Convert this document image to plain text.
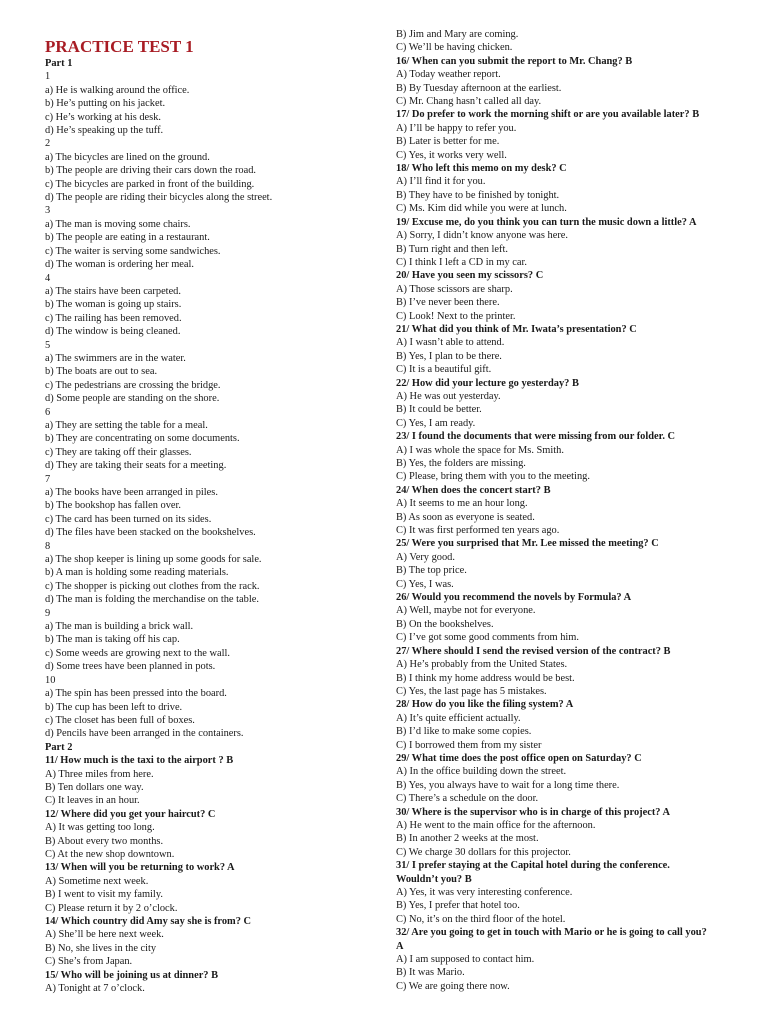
PRACTICE TEST 1
Part 1
1
a) He is walking around the office.
b) He’s putting on his jacket.
c) He’s working at his desk.
d) He’s speaking up the tuff.
2
a) The bicycles are lined on the ground.
b) The people are driving their cars down the road.
c) The bicycles are parked in front of the building.
d) The people are riding their bicycles along the street.
3
a) The man is moving some chairs.
b) The people are eating in a restaurant.
c) The waiter is serving some sandwiches.
d) The woman is ordering her meal.
4
a) The stairs have been carpeted.
b) The woman is going up stairs.
c) The railing has been removed.
d) The window is being cleaned.
5
a) The swimmers are in the water.
b) The boats are out to sea.
c) The pedestrians are crossing the bridge.
d) Some people are standing on the shore.
6
a) They are setting the table for a meal.
b) They are concentrating on some documents.
c) They are taking off their glasses.
d) They are taking their seats for a meeting.
7
a) The books have been arranged in piles.
b) The bookshop has fallen over.
c) The card has been turned on its sides.
d) The files have been stacked on the bookshelves.
8
a) The shop keeper is lining up some goods for sale.
b) A man is holding some reading materials.
c) The shopper is picking out clothes from the rack.
d) The man is folding the merchandise on the table.
9
a) The man is building a brick wall.
b) The man is taking off his cap.
c) Some weeds are growing next to the wall.
d) Some trees have been planned in pots.
10
a) The spin has been pressed into the board.
b) The cup has been left to drive.
c) The closet has been full of boxes.
d) Pencils have been arranged in the containers.
Part 2
11/ How much is the taxi to the airport ? B
A) Three miles from here.
B) Ten dollars one way.
C) It leaves in an hour.
12/ Where did you get your haircut? C
A) It was getting too long.
B) About every two months.
C) At the new shop downtown.
13/ When will you be returning to work? A
A) Sometime next week.
B) I went to visit my family.
C) Please return it by 2 o’clock.
14/ Which country did Amy say she is from? C
A) She’ll be here next week.
B) No, she lives in the city
C) She’s from Japan.
15/ Who will be joining us at dinner? B
A) Tonight at 7 o’clock.
B) Jim and Mary are coming.
C) We’ll be having chicken.
16/ When can you submit the report to Mr. Chang? B
A) Today weather report.
B) By Tuesday afternoon at the earliest.
C) Mr. Chang hasn’t called all day.
17/ Do prefer to work the morning shift or are you available later? B
A) I’ll be happy to refer you.
B) Later is better for me.
C) Yes, it works very well.
18/ Who left this memo on my desk? C
A) I’ll find it for you.
B) They have to be finished by tonight.
C) Ms. Kim did while you were at lunch.
19/ Excuse me, do you think you can turn the music down a little? A
A) Sorry, I didn’t know anyone was here.
B) Turn right and then left.
C) I think I left a CD in my car.
20/ Have you seen my scissors? C
A) Those scissors are sharp.
B) I’ve never been there.
C) Look! Next to the printer.
21/ What did you think of Mr. Iwata’s presentation? C
A) I wasn’t able to attend.
B) Yes, I plan to be there.
C) It is a beautiful gift.
22/ How did your lecture go yesterday? B
A) He was out yesterday.
B) It could be better.
C) Yes, I am ready.
23/ I found the documents that were missing from our folder. C
A) I was whole the space for Ms. Smith.
B) Yes, the folders are missing.
C) Please, bring them with you to the meeting.
24/ When does the concert start? B
A) It seems to me an hour long.
B) As soon as everyone is seated.
C) It was first performed ten years ago.
25/ Were you surprised that Mr. Lee missed the meeting? C
A) Very good.
B) The top price.
C) Yes, I was.
26/ Would you recommend the novels by Formula? A
A) Well, maybe not for everyone.
B) On the bookshelves.
C) I’ve got some good comments from him.
27/ Where should I send the revised version of the contract? B
A) He’s probably from the United States.
B) I think my home address would be best.
C) Yes, the last page has 5 mistakes.
28/ How do you like the filing system? A
A) It’s quite efficient actually.
B) I’d like to make some copies.
C) I borrowed them from my sister
29/ What time does the post office open on Saturday? C
A) In the office building down the street.
B) Yes, you always have to wait for a long time there.
C) There’s a schedule on the door.
30/ Where is the supervisor who is in charge of this project? A
A) He went to the main office for the afternoon.
B) In another 2 weeks at the most.
C) We charge 30 dollars for this projector.
31/ I prefer staying at the Capital hotel during the conference.
Wouldn’t you? B
A) Yes, it was very interesting conference.
B) Yes, I prefer that hotel too.
C) No, it’s on the third floor of the hotel.
32/ Are you going to get in touch with Mario or he is going to call you?
A
A) I am supposed to contact him.
B) It was Mario.
C) We are going there now.
